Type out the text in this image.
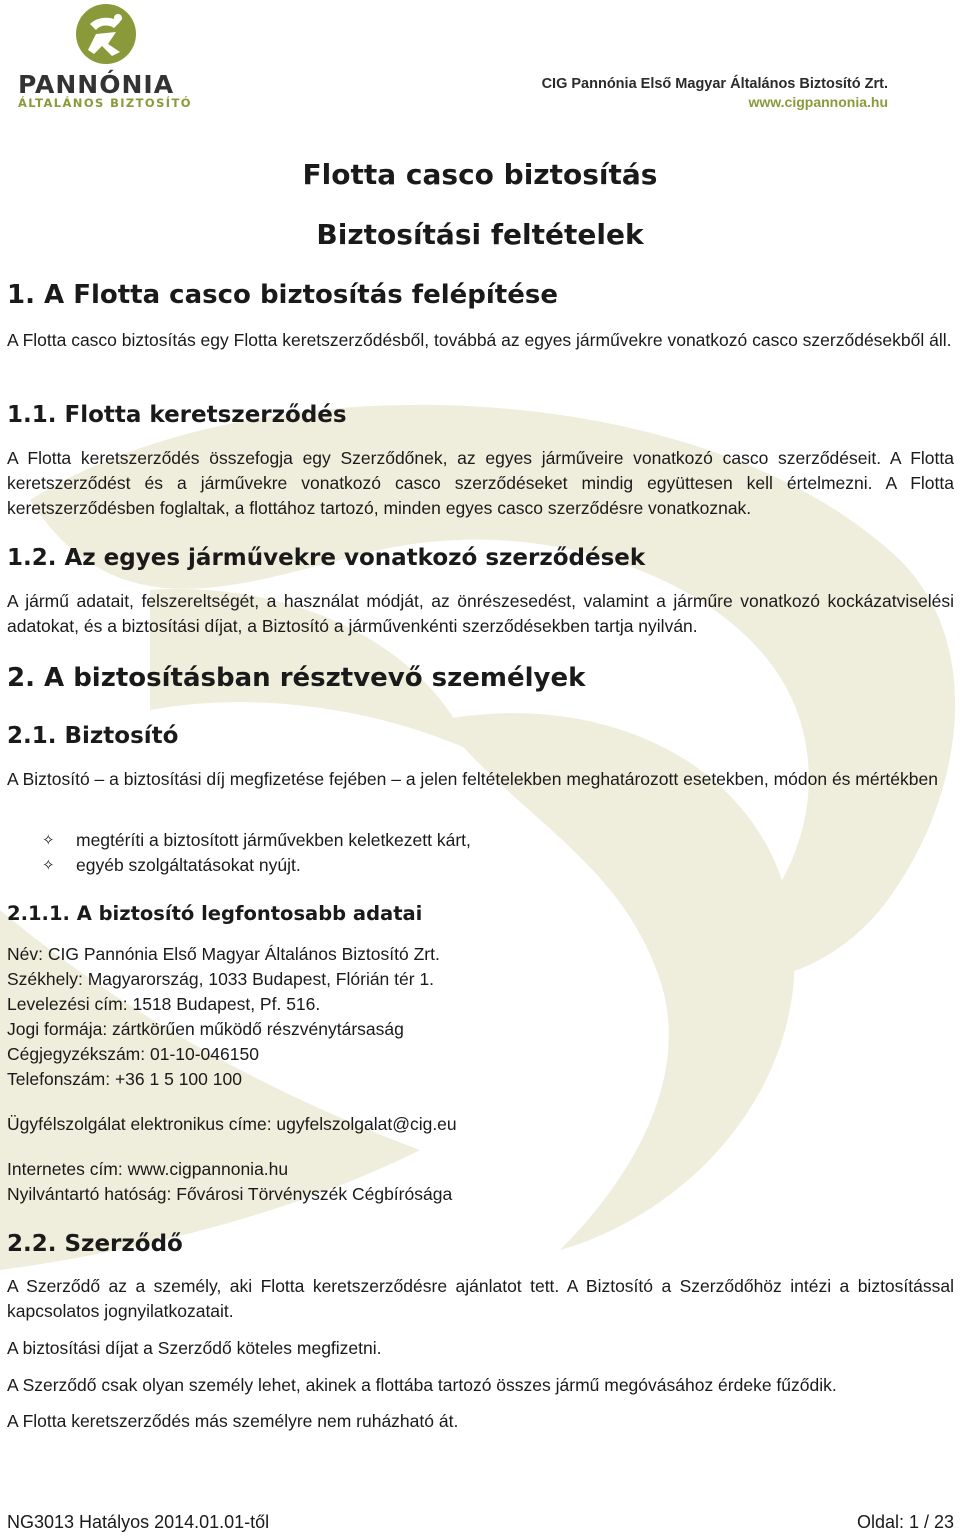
PANNÓNIA
ÁLTALÁNOS BIZTOSÍTÓ
CIG Pannónia Első Magyar Általános Biztosító Zrt.
www.cigpannonia.hu
Flotta casco biztosítás
Biztosítási feltételek
1. A Flotta casco biztosítás felépítése

A Flotta casco biztosítás egy Flotta keretszerződésből, továbbá az egyes járművekre vonatkozó casco szerződésekből áll.

1.1. Flotta keretszerződés

A Flotta keretszerződés összefogja egy Szerződőnek, az egyes járműveire vonatkozó casco szerződéseit. A Flotta keretszerződést és a járművekre vonatkozó casco szerződéseket mindig együttesen kell értelmezni. A Flotta keretszerződésben foglaltak, a flottához tartozó, minden egyes casco szerződésre vonatkoznak.

1.2. Az egyes járművekre vonatkozó szerződések

A jármű adatait, felszereltségét, a használat módját, az önrészesedést, valamint a járműre vonatkozó kockázatviselési adatokat, és a biztosítási díjat, a Biztosító a járművenkénti szerződésekben tartja nyilván.

2. A biztosításban résztvevő személyek
2.1. Biztosító

A Biztosító – a biztosítási díj megfizetése fejében – a jelen feltételekben meghatározott esetekben, módon és mértékben

✧ megtéríti a biztosított járművekben keletkezett kárt,
✧ egyéb szolgáltatásokat nyújt.
2.1.1. A biztosító legfontosabb adatai
Név: CIG Pannónia Első Magyar Általános Biztosító Zrt.
Székhely: Magyarország, 1033 Budapest, Flórián tér 1.
Levelezési cím: 1518 Budapest, Pf. 516.
Jogi formája: zártkörűen működő részvénytársaság
Cégjegyzékszám: 01-10-046150
Telefonszám: +36 1 5 100 100
Ügyfélszolgálat elektronikus címe: ugyfelszolgalat@cig.eu
Internetes cím: www.cigpannonia.hu
Nyilvántartó hatóság: Fővárosi Törvényszék Cégbírósága
2.2. Szerződő

A Szerződő az a személy, aki Flotta keretszerződésre ajánlatot tett. A Biztosító a Szerződőhöz intézi a biztosítással kapcsolatos jognyilatkozatait.

A biztosítási díjat a Szerződő köteles megfizetni.

A Szerződő csak olyan személy lehet, akinek a flottába tartozó összes jármű megóvásához érdeke fűződik.

A Flotta keretszerződés más személyre nem ruházható át.

NG3013 Hatályos 2014.01.01-től	Oldal: 1 / 23
